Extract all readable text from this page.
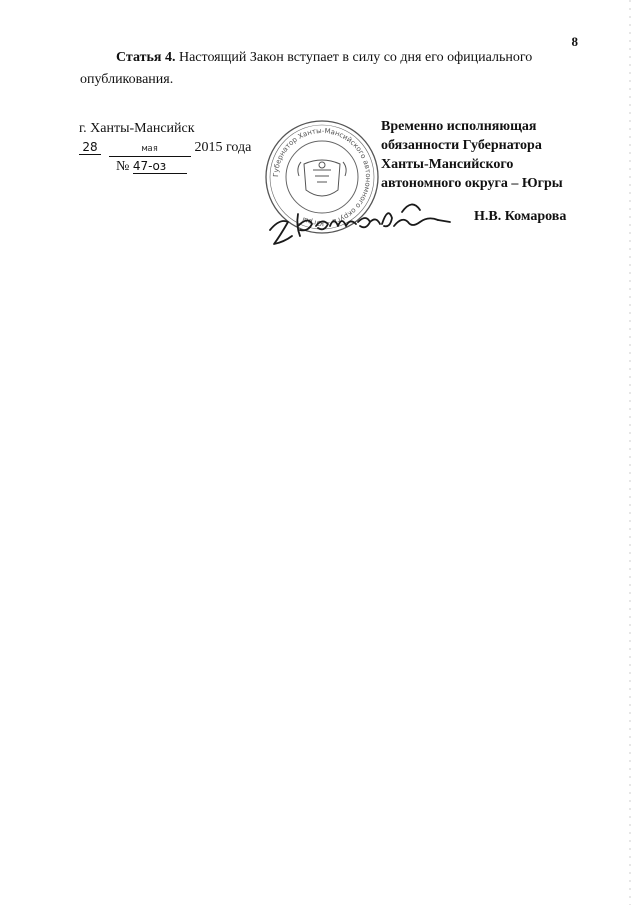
8
Статья 4. Настоящий Закон вступает в силу со дня его официального
опубликования.
г. Ханты-Мансийск
28	мая	2015 года
№ 47-оз
Губернатор Ханты-Мансийского автономного округа – Югры
Временно исполняющая
обязанности Губернатора
Ханты-Мансийского
автономного округа – Югры
Н.В. Комарова
